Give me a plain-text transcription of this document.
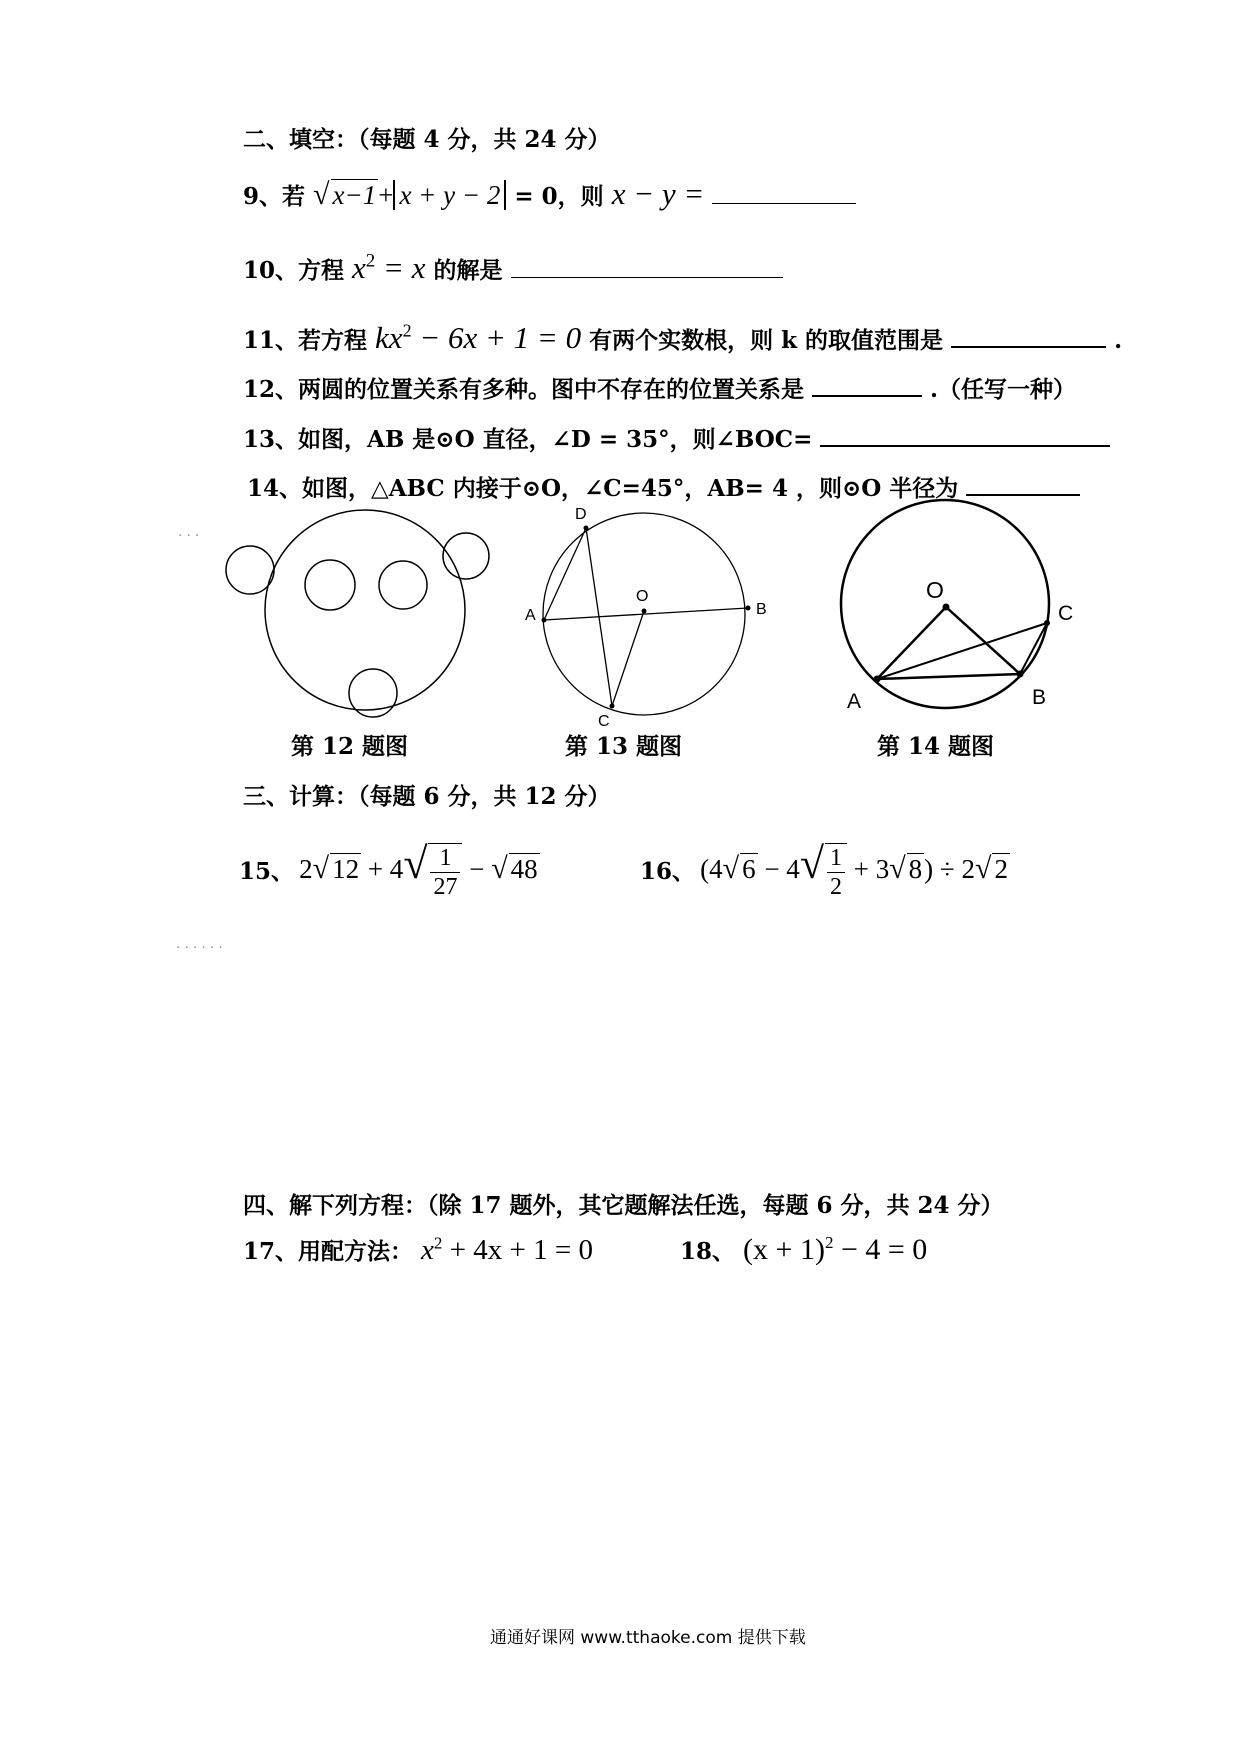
二、填空：（每题 4 分，共 24 分）
9、若 √ x−1+ x + y − 2 = 0，则 x − y =
10、方程 $x^2 = x$ 的解是
11、若方程 $kx^2 - 6x + 1 = 0$ 有两个实数根，则 k 的取值范围是	.
12、两圆的位置关系有多种。图中不存在的位置关系是	.（任写一种）
13、如图，AB 是⊙O 直径，∠D = 35°，则∠BOC=
14、如图，△ABC 内接于⊙O，∠C=45°，AB= 4 ，则⊙O 半径为
···
A	B
C
D
O
A	B
C
O
第 12 题图	第 13 题图	第 14 题图
三、计算：（每题 6 分，共 12 分）
15、 2√ $12 + 4√ \frac{1}{27}$ − √ 48	16、 (4√ $6 - 4√ \frac{1}{2} + 3√$ 8) ÷ 2√ 2
······
四、解下列方程：（除 17 题外，其它题解法任选，每题 6 分，共 24 分）
17、用配方法： $x^2 + 4x + 1 = 0$	18、 $(x + 1)^2 - 4 = 0$
通通好课网 www.tthaoke.com 提供下载
